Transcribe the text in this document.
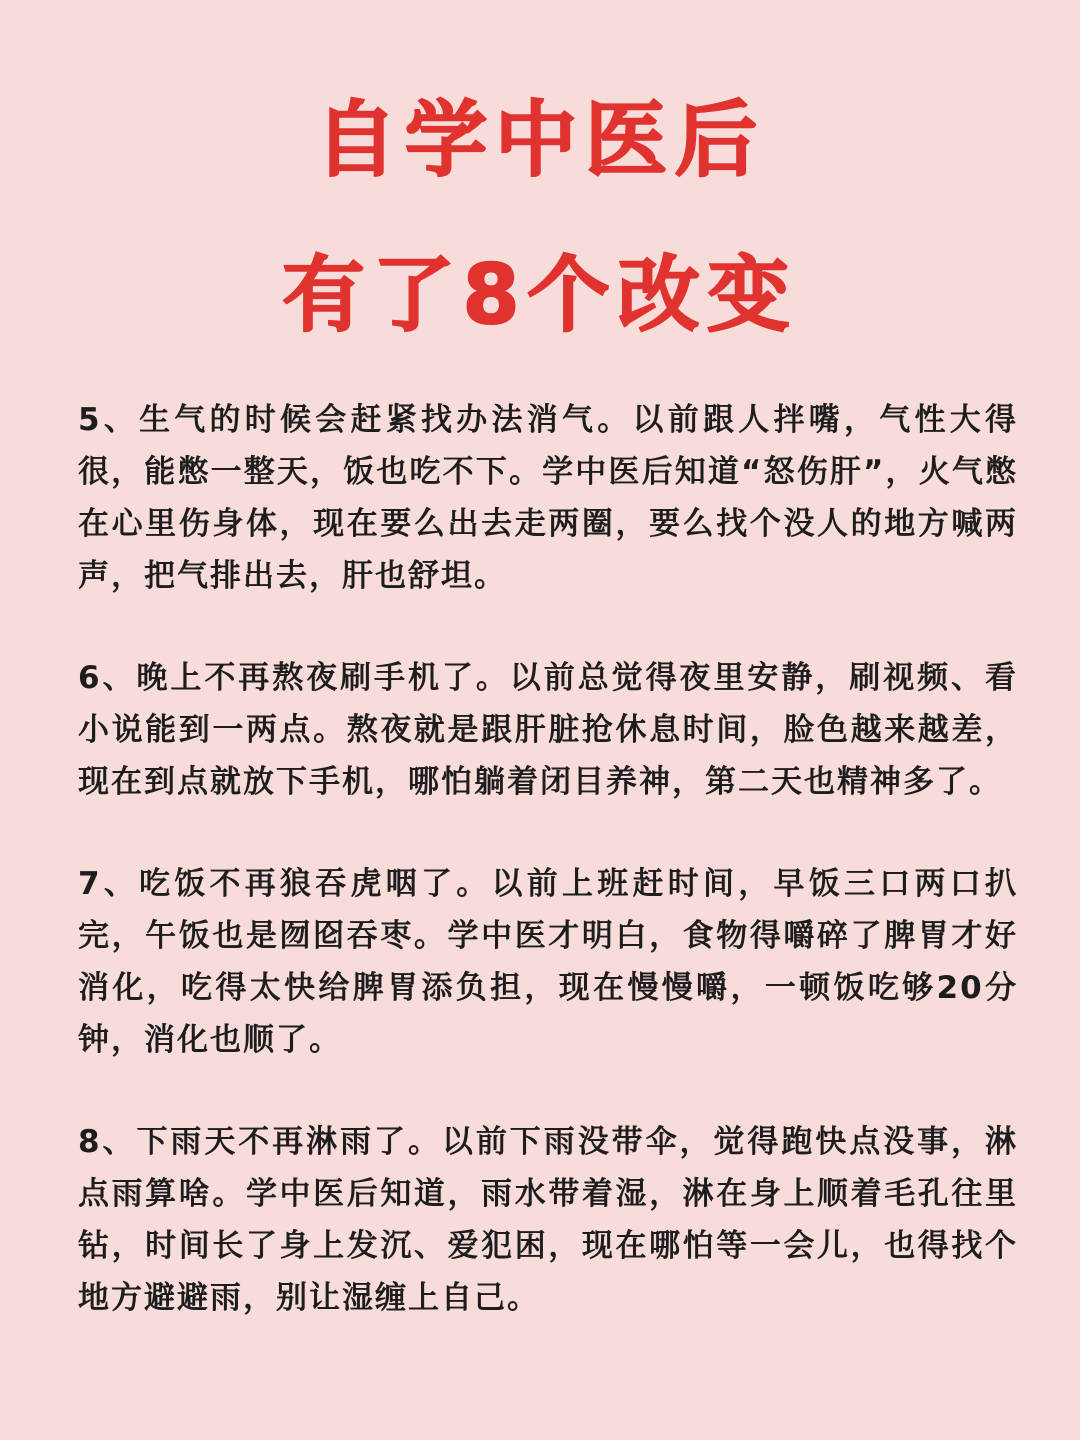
自学中医后
有了8个改变

5、生气的时候会赶紧找办法消气。以前跟人拌嘴，气性大得很，能憋一整天，饭也吃不下。学中医后知道“怒伤肝”，火气憋在心里伤身体，现在要么出去走两圈，要么找个没人的地方喊两声，把气排出去，肝也舒坦。

6、晚上不再熬夜刷手机了。以前总觉得夜里安静，刷视频、看小说能到一两点。熬夜就是跟肝脏抢休息时间，脸色越来越差，现在到点就放下手机，哪怕躺着闭目养神，第二天也精神多了。

7、吃饭不再狼吞虎咽了。以前上班赶时间，早饭三口两口扒完，午饭也是囫囵吞枣。学中医才明白，食物得嚼碎了脾胃才好消化，吃得太快给脾胃添负担，现在慢慢嚼，一顿饭吃够20分钟，消化也顺了。

8、下雨天不再淋雨了。以前下雨没带伞，觉得跑快点没事，淋点雨算啥。学中医后知道，雨水带着湿，淋在身上顺着毛孔往里钻，时间长了身上发沉、爱犯困，现在哪怕等一会儿，也得找个地方避避雨，别让湿缠上自己。
